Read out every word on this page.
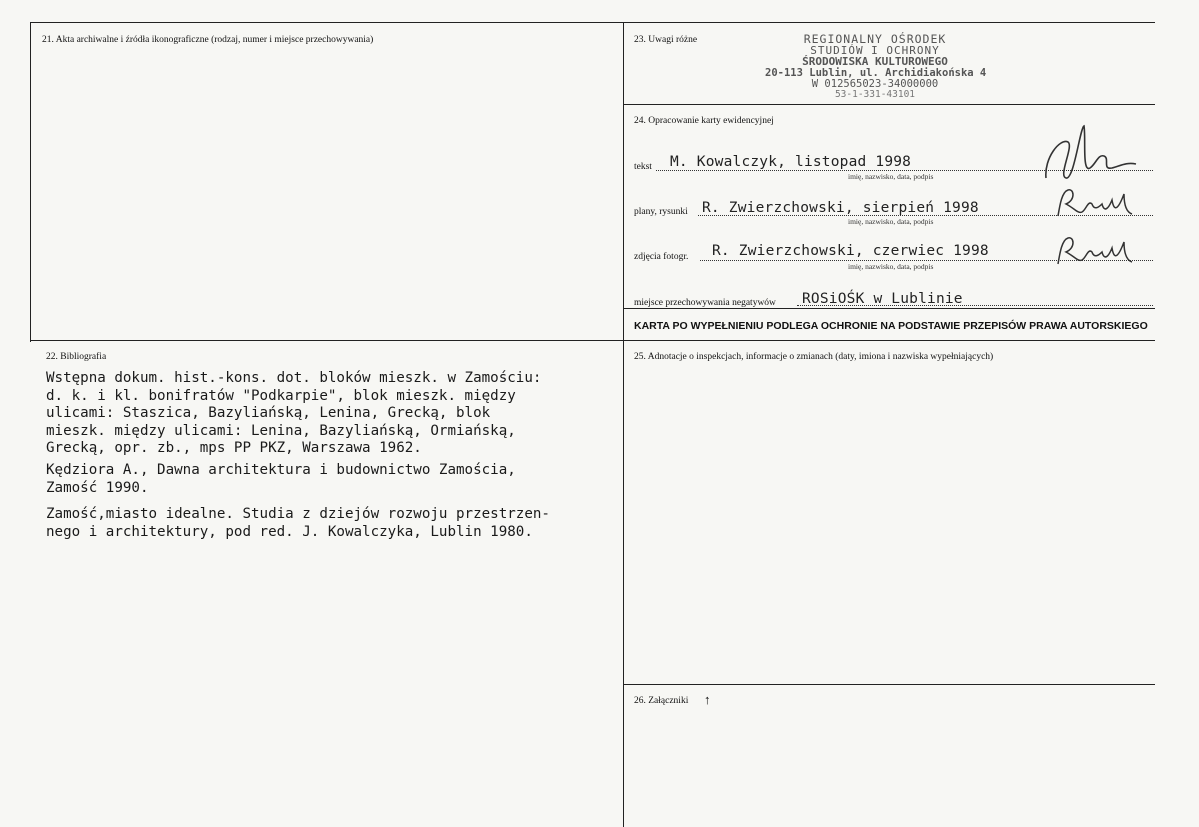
21. Akta archiwalne i źródła ikonograficzne (rodzaj, numer i miejsce przechowywania)
22. Bibliografia
Wstępna dokum. hist.-kons. dot. bloków mieszk. w Zamościu:
d. k. i kl. bonifratów "Podkarpie", blok mieszk. między
ulicami: Staszica, Bazyliańską, Lenina, Grecką, blok
mieszk. między ulicami: Lenina, Bazyliańską, Ormiańską,
Grecką, opr. zb., mps PP PKZ, Warszawa 1962.
Kędziora A., Dawna architektura i budownictwo Zamościa,
Zamość 1990.
Zamość,miasto idealne. Studia z dziejów rozwoju przestrzen-
nego i architektury, pod red. J. Kowalczyka, Lublin 1980.
23. Uwagi różne	REGIONALNY OŚRODEK
STUDIÓW I OCHRONY
ŚRODOWISKA KULTUROWEGO
20-113 Lublin, ul. Archidiakońska 4
W 012565023-34000000
53-1-331-43101
24. Opracowanie karty ewidencyjnej
tekst M. Kowalczyk, listopad 1998
imię, nazwisko, data, podpis
plany, rysunki R. Zwierzchowski, sierpień 1998
imię, nazwisko, data, podpis
zdjęcia fotogr. R. Zwierzchowski, czerwiec 1998
imię, nazwisko, data, podpis
miejsce przechowywania negatywów ROSiOŚK w Lublinie
KARTA PO WYPEŁNIENIU PODLEGA OCHRONIE NA PODSTAWIE PRZEPISÓW PRAWA AUTORSKIEGO
25. Adnotacje o inspekcjach, informacje o zmianach (daty, imiona i nazwiska wypełniających)
26. Załączniki ↑
